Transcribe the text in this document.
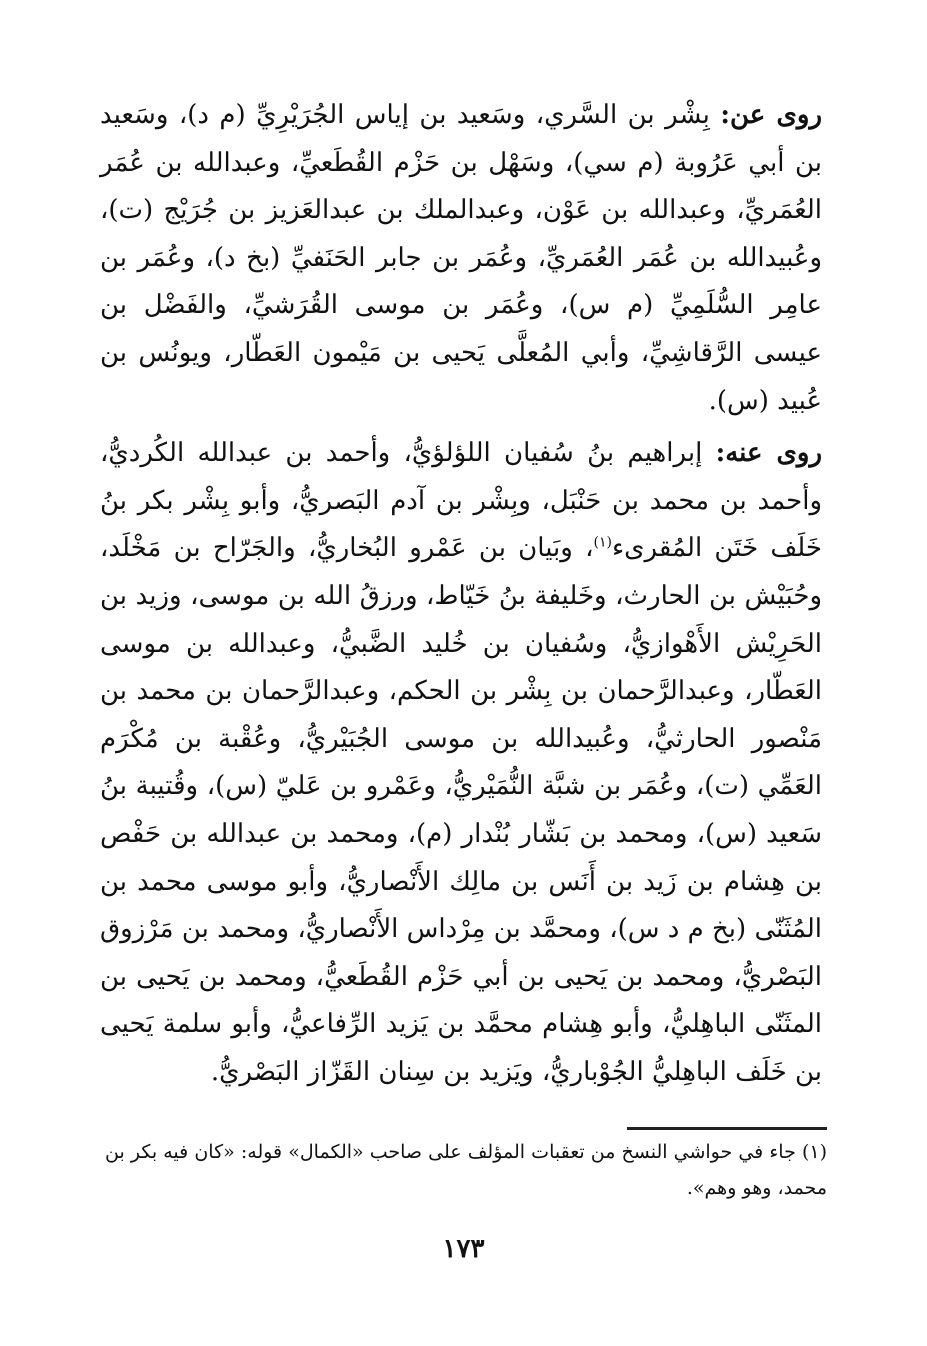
روى عن: بِشْر بن السَّري، وسَعيد بن إياس الجُرَيْرِيِّ (م د)، وسَعيد بن أبي عَرُوبة (م سي)، وسَهْل بن حَزْم القُطَعيِّ، وعبدالله بن عُمَر العُمَريِّ، وعبدالله بن عَوْن، وعبدالملك بن عبدالعَزيز بن جُرَيْج (ت)، وعُبيدالله بن عُمَر العُمَريِّ، وعُمَر بن جابر الحَنَفيِّ (بخ د)، وعُمَر بن عامِر السُّلَمِيِّ (م س)، وعُمَر بن موسى القُرَشيِّ، والفَضْل بن عيسى الرَّقاشِيِّ، وأبي المُعلَّى يَحيى بن مَيْمون العَطّار، ويونُس بن عُبيد (س).

روى عنه: إبراهيم بنُ سُفيان اللؤلؤيُّ، وأحمد بن عبدالله الكُرديُّ، وأحمد بن محمد بن حَنْبَل، وبِشْر بن آدم البَصريُّ، وأبو بِشْر بكر بنُ خَلَف خَتَن المُقرىء$^{(١)}$، وبَيان بن عَمْرو البُخاريُّ، والجَرّاح بن مَخْلَد، وحُبَيْش بن الحارث، وخَليفة بنُ خَيّاط، ورزقُ الله بن موسى، وزيد بن الحَرِيْش الأَهْوازيُّ، وسُفيان بن خُليد الضَّبيُّ، وعبدالله بن موسى العَطّار، وعبدالرَّحمان بن بِشْر بن الحكم، وعبدالرَّحمان بن محمد بن مَنْصور الحارثيُّ، وعُبيدالله بن موسى الجُبَيْريُّ، وعُقْبة بن مُكْرَم العَمِّي (ت)، وعُمَر بن شبَّة النُّمَيْريُّ، وعَمْرو بن عَليّ (س)، وقُتيبة بنُ سَعيد (س)، ومحمد بن بَشّار بُنْدار (م)، ومحمد بن عبدالله بن حَفْص بن هِشام بن زَيد بن أَنَس بن مالِك الأَنْصاريُّ، وأبو موسى محمد بن المُثَنّى (بخ م د س)، ومحمَّد بن مِرْداس الأَنْصاريُّ، ومحمد بن مَرْزوق البَصْريُّ، ومحمد بن يَحيى بن أبي حَزْم القُطَعيُّ، ومحمد بن يَحيى بن المثَنّى الباهِليُّ، وأبو هِشام محمَّد بن يَزيد الرِّفاعيُّ، وأبو سلمة يَحيى بن خَلَف الباهِليُّ الجُوْباريُّ، ويَزيد بن سِنان القَزّاز البَصْريُّ.

(١) جاء في حواشي النسخ من تعقبات المؤلف على صاحب «الكمال» قوله: «كان فيه بكر بن محمد، وهو وهم».

١٧٣
